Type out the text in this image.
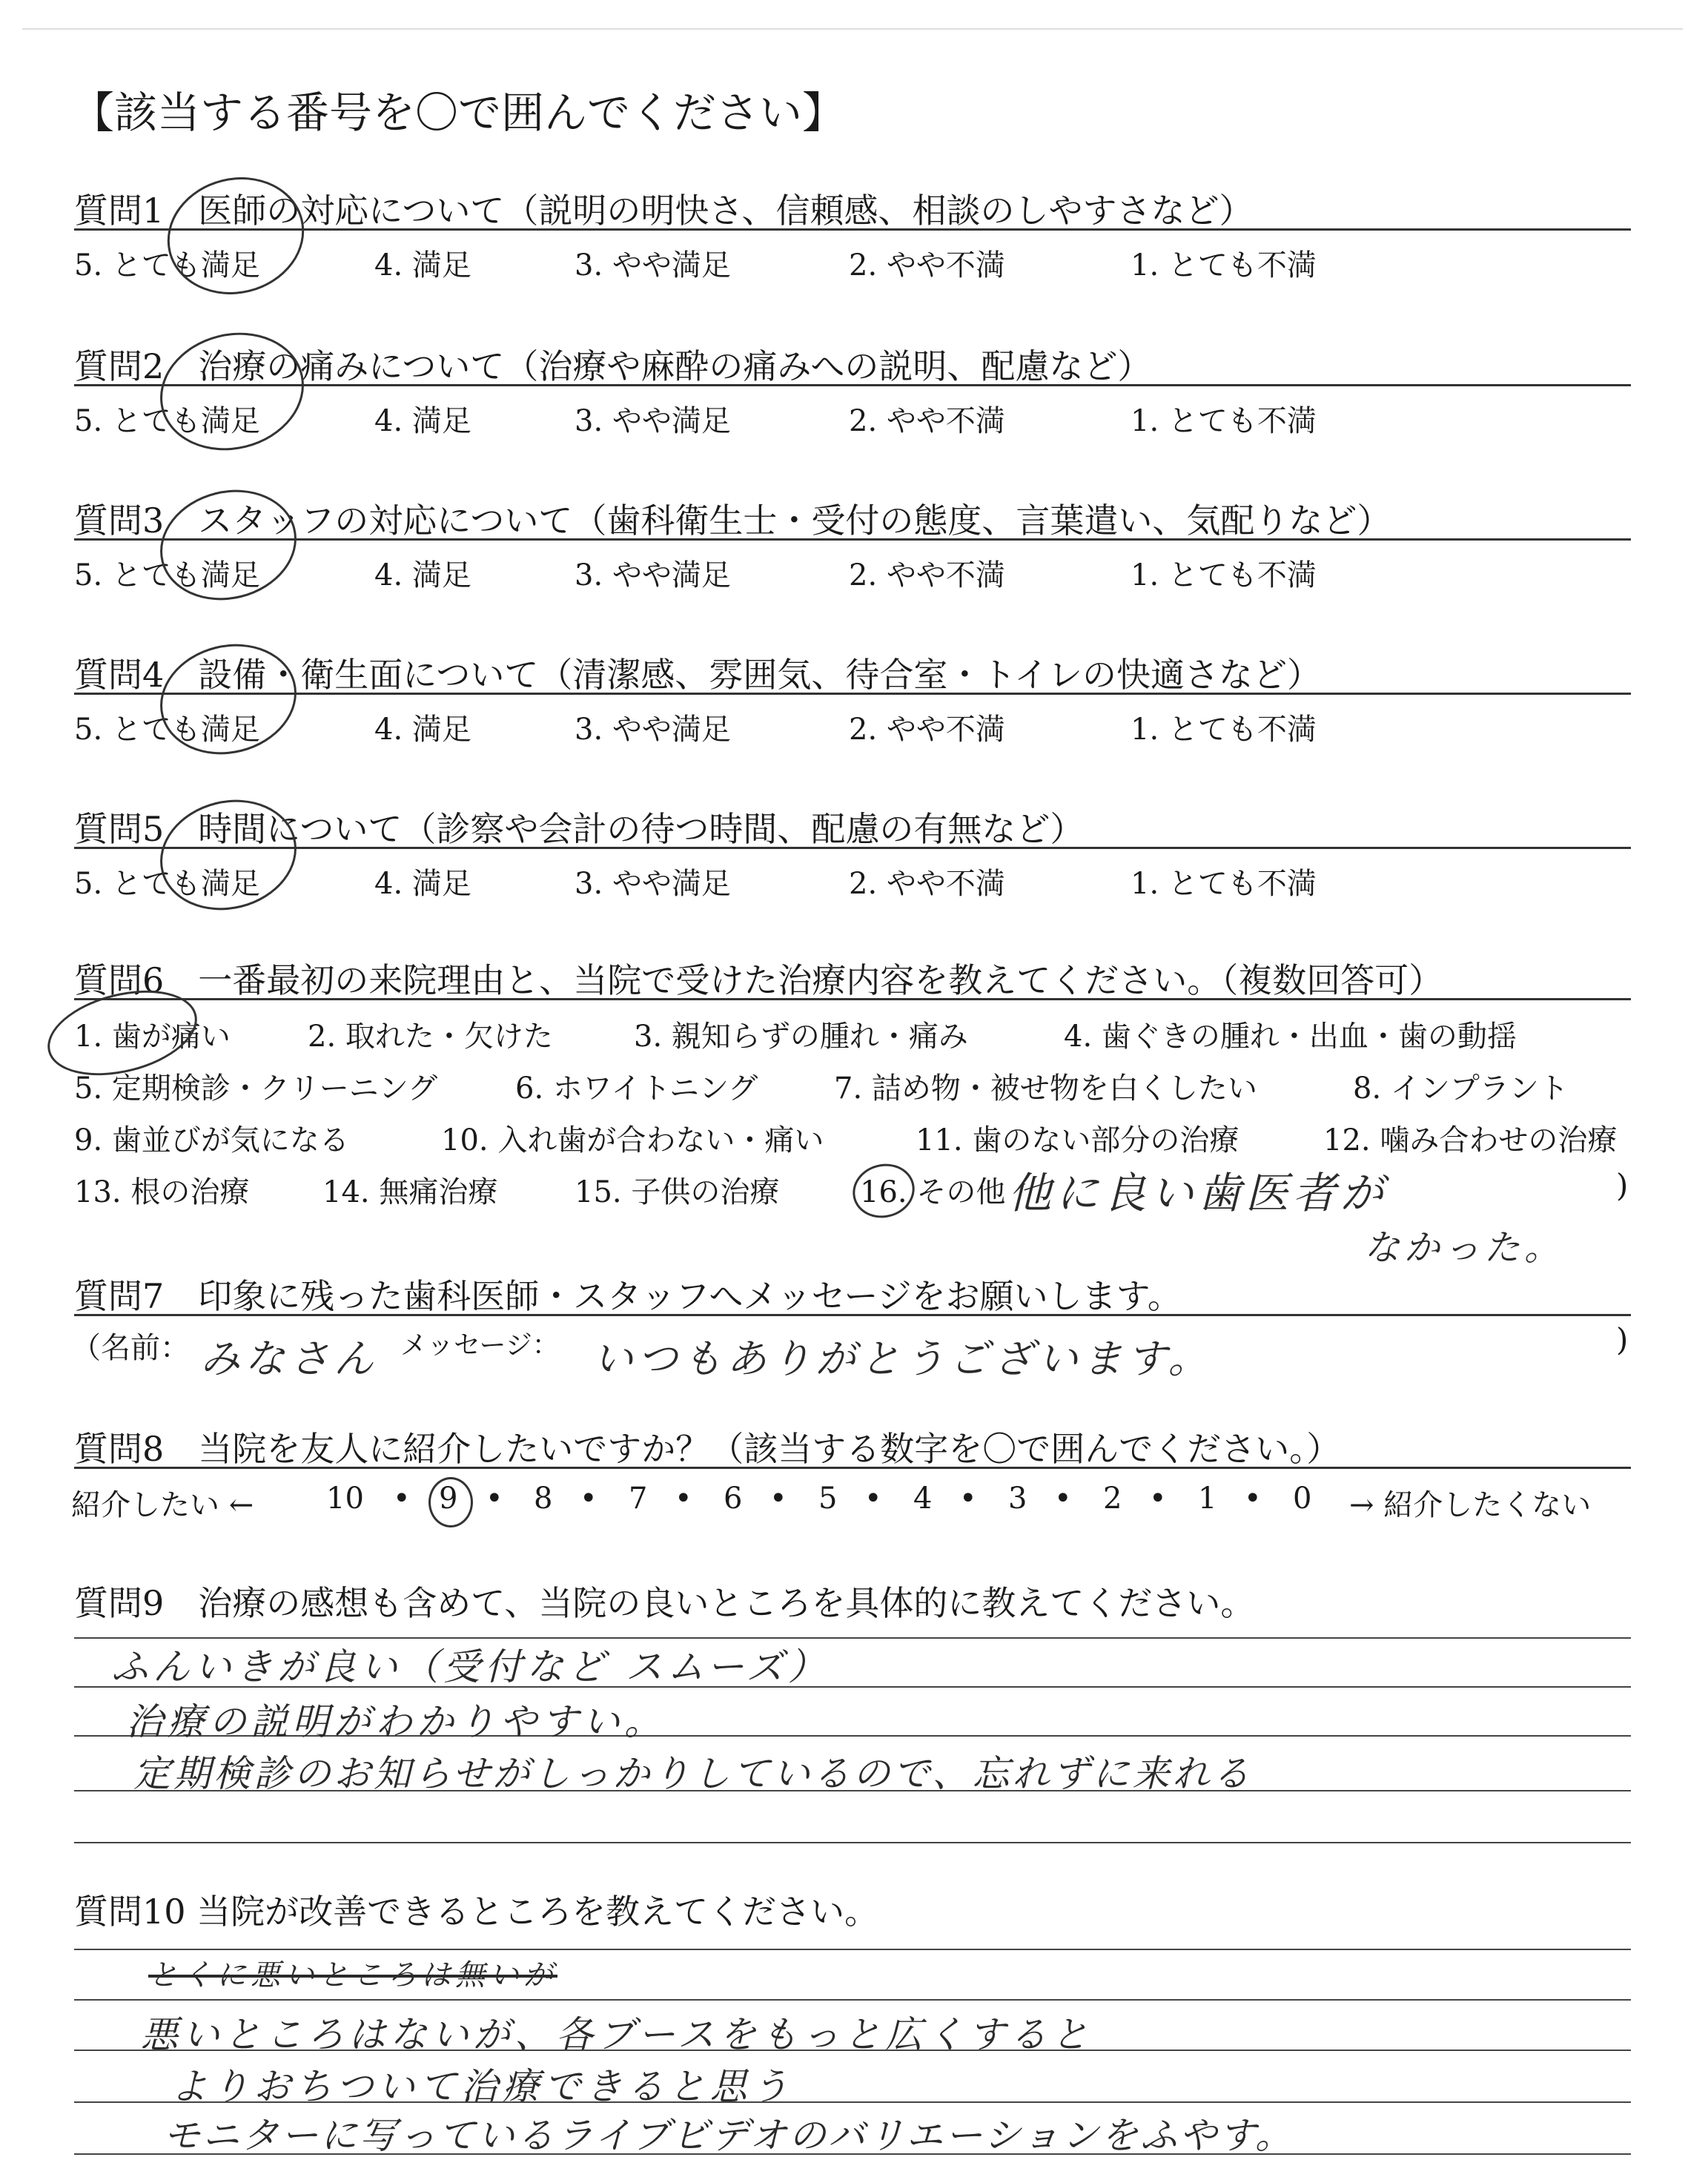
【該当する番号を〇で囲んでください】
質問1　医師の対応について（説明の明快さ、信頼感、相談のしやすさなど）
5. とても満足	4. 満足	3. やや満足	2. やや不満	1. とても不満
質問2　治療の痛みについて（治療や麻酔の痛みへの説明、配慮など）
5. とても満足	4. 満足	3. やや満足	2. やや不満	1. とても不満
質問3　スタッフの対応について（歯科衛生士・受付の態度、言葉遣い、気配りなど）
5. とても満足	4. 満足	3. やや満足	2. やや不満	1. とても不満
質問4　設備・衛生面について（清潔感、雰囲気、待合室・トイレの快適さなど）
5. とても満足	4. 満足	3. やや満足	2. やや不満	1. とても不満
質問5　時間について（診察や会計の待つ時間、配慮の有無など）
5. とても満足	4. 満足	3. やや満足	2. やや不満	1. とても不満
質問6　一番最初の来院理由と、当院で受けた治療内容を教えてください。（複数回答可）
1. 歯が痛い	2. 取れた・欠けた	3. 親知らずの腫れ・痛み	4. 歯ぐきの腫れ・出血・歯の動揺
5. 定期検診・クリーニング	6. ホワイトニング	7. 詰め物・被せ物を白くしたい	8. インプラント
9. 歯並びが気になる	10. 入れ歯が合わない・痛い	11. 歯のない部分の治療	12. 噛み合わせの治療
13. 根の治療 14. 無痛治療	15. 子供の治療	16. その他 他に良い歯医者が
なかった。
)
質問7　印象に残った歯科医師・スタッフへメッセージをお願いします。
（名前： みなさん メッセージ： いつもありがとうございます。	)
質問8　当院を友人に紹介したいですか？（該当する数字を〇で囲んでください。）
紹介したい ← 10 • 9 • 8 • 7 • 6 • 5 • 4 • 3 • 2 • 1 • 0 → 紹介したくない
質問9　治療の感想も含めて、当院の良いところを具体的に教えてください。
ふんいきが良い（受付など スムーズ）
治療の説明がわかりやすい。
定期検診のお知らせがしっかりしているので、忘れずに来れる
質問10 当院が改善できるところを教えてください。
とくに悪いところは無いが
悪いところはないが、各ブースをもっと広くすると
よりおちついて治療できると思う
モニターに写っているライブビデオのバリエーションをふやす。
